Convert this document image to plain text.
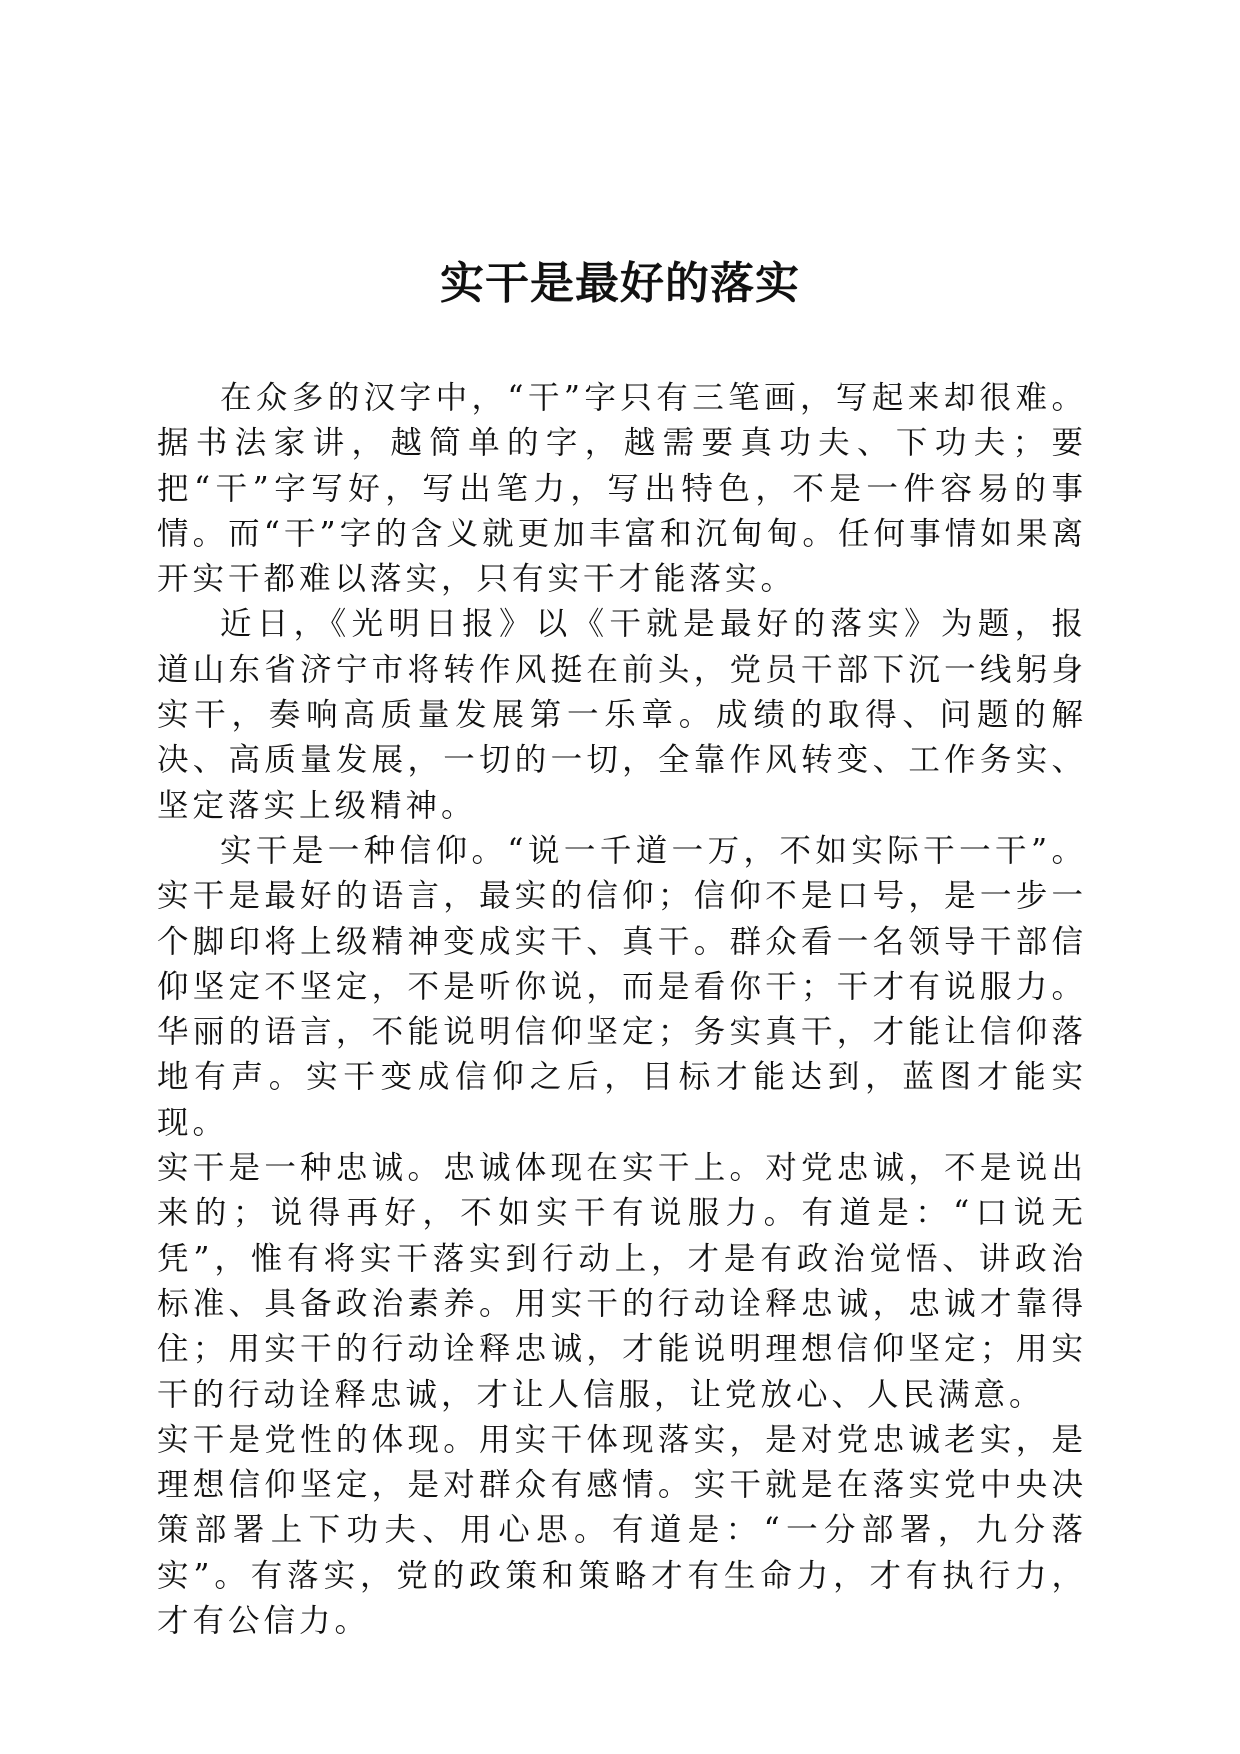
实干是最好的落实

在众多的汉字中，“干”字只有三笔画，写起来却很难。据书法家讲，越简单的字，越需要真功夫、下功夫；要把“干”字写好，写出笔力，写出特色，不是一件容易的事情。而“干”字的含义就更加丰富和沉甸甸。任何事情如果离开实干都难以落实，只有实干才能落实。

近日，《光明日报》以《干就是最好的落实》为题，报道山东省济宁市将转作风挺在前头，党员干部下沉一线躬身实干，奏响高质量发展第一乐章。成绩的取得、问题的解决、高质量发展，一切的一切，全靠作风转变、工作务实、坚定落实上级精神。

实干是一种信仰。“说一千道一万，不如实际干一干”。实干是最好的语言，最实的信仰；信仰不是口号，是一步一个脚印将上级精神变成实干、真干。群众看一名领导干部信仰坚定不坚定，不是听你说，而是看你干；干才有说服力。华丽的语言，不能说明信仰坚定；务实真干，才能让信仰落地有声。实干变成信仰之后，目标才能达到，蓝图才能实现。

实干是一种忠诚。忠诚体现在实干上。对党忠诚，不是说出来的；说得再好，不如实干有说服力。有道是：“口说无凭”，惟有将实干落实到行动上，才是有政治觉悟、讲政治标准、具备政治素养。用实干的行动诠释忠诚，忠诚才靠得住；用实干的行动诠释忠诚，才能说明理想信仰坚定；用实干的行动诠释忠诚，才让人信服，让党放心、人民满意。

实干是党性的体现。用实干体现落实，是对党忠诚老实，是理想信仰坚定，是对群众有感情。实干就是在落实党中央决策部署上下功夫、用心思。有道是：“一分部署，九分落实”。有落实，党的政策和策略才有生命力，才有执行力，才有公信力。
